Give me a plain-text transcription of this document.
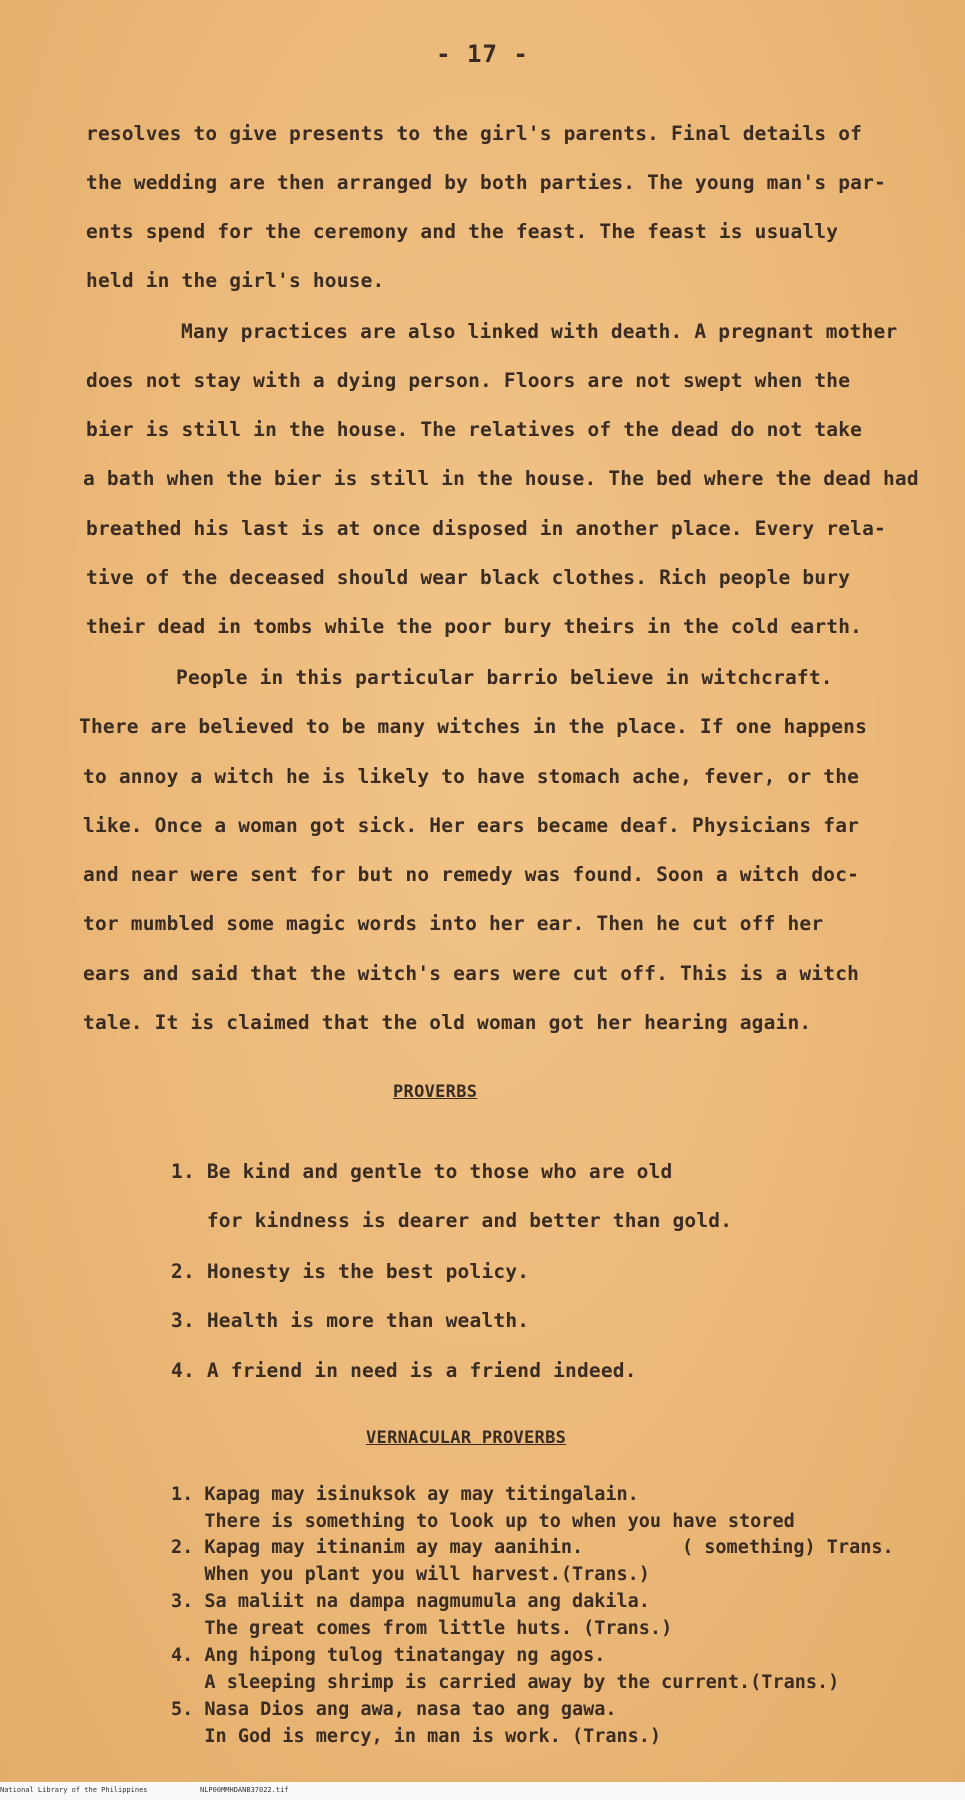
- 17 -
resolves to give presents to the girl's parents. Final details of
the wedding are then arranged by both parties. The young man's par-
ents spend for the ceremony and the feast. The feast is usually
held in the girl's house.
Many practices are also linked with death. A pregnant mother
does not stay with a dying person. Floors are not swept when the
bier is still in the house. The relatives of the dead do not take
a bath when the bier is still in the house. The bed where the dead had
breathed his last is at once disposed in another place. Every rela-
tive of the deceased should wear black clothes. Rich people bury
their dead in tombs while the poor bury theirs in the cold earth.
People in this particular barrio believe in witchcraft.
There are believed to be many witches in the place. If one happens
to annoy a witch he is likely to have stomach ache, fever, or the
like. Once a woman got sick. Her ears became deaf. Physicians far
and near were sent for but no remedy was found. Soon a witch doc-
tor mumbled some magic words into her ear. Then he cut off her
ears and said that the witch's ears were cut off. This is a witch
tale. It is claimed that the old woman got her hearing again.
PROVERBS
1. Be kind and gentle to those who are old
for kindness is dearer and better than gold.
2. Honesty is the best policy.
3. Health is more than wealth.
4. A friend in need is a friend indeed.
VERNACULAR PROVERBS
1. Kapag may isinuksok ay may titingalain.
There is something to look up to when you have stored
2. Kapag may itinanim ay may aanihin.	( something) Trans.
When you plant you will harvest.(Trans.)
3. Sa maliit na dampa nagmumula ang dakila.
The great comes from little huts. (Trans.)
4. Ang hipong tulog tinatangay ng agos.
A sleeping shrimp is carried away by the current.(Trans.)
5. Nasa Dios ang awa, nasa tao ang gawa.
In God is mercy, in man is work. (Trans.)
National Library of the Philippines	NLP00MMHDANB37022.tif
